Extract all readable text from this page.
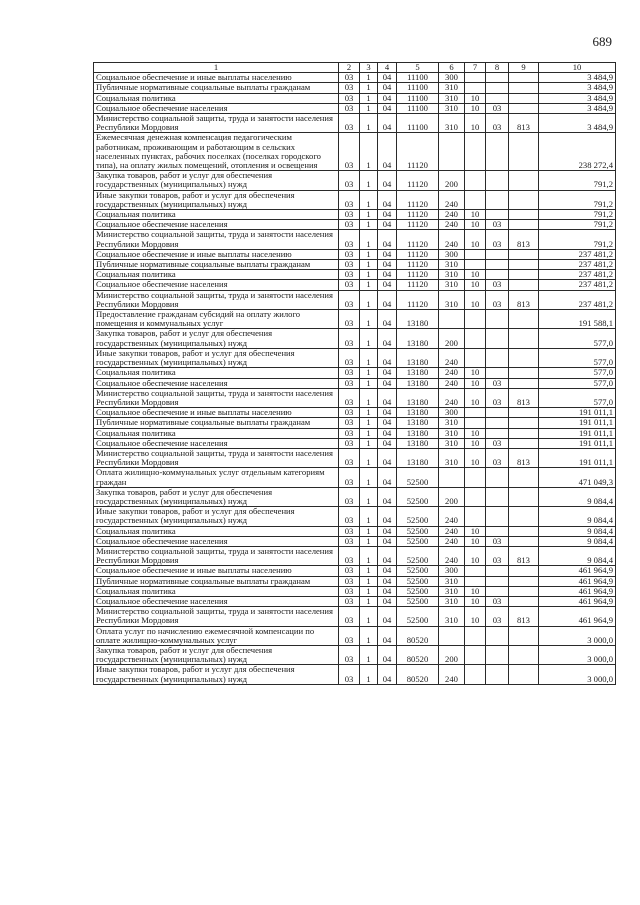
689
1	2	3	4	5	6	7	8	9	10
Социальное обеспечение и иные выплаты населению	03	1	04	11100	300				3 484,9
Публичные нормативные социальные выплаты гражданам	03	1	04	11100	310				3 484,9
Социальная политика	03	1	04	11100	310	10			3 484,9
Социальное обеспечение населения	03	1	04	11100	310	10	03		3 484,9
Министерство социальной защиты, труда и занятости населения Республики Мордовия	03	1	04	11100	310	10	03	813	3 484,9
Ежемесячная денежная компенсация педагогическим работникам, проживающим и работающим в сельских населенных пунктах, рабочих поселках (поселках городского типа), на оплату жилых помещений, отопления и освещения	03	1	04	11120					238 272,4
Закупка товаров, работ и услуг для обеспечения государственных (муниципальных) нужд	03	1	04	11120	200				791,2
Иные закупки товаров, работ и услуг для обеспечения государственных (муниципальных) нужд	03	1	04	11120	240				791,2
Социальная политика	03	1	04	11120	240	10			791,2
Социальное обеспечение населения	03	1	04	11120	240	10	03		791,2
Министерство социальной защиты, труда и занятости населения Республики Мордовия	03	1	04	11120	240	10	03	813	791,2
Социальное обеспечение и иные выплаты населению	03	1	04	11120	300				237 481,2
Публичные нормативные социальные выплаты гражданам	03	1	04	11120	310				237 481,2
Социальная политика	03	1	04	11120	310	10			237 481,2
Социальное обеспечение населения	03	1	04	11120	310	10	03		237 481,2
Министерство социальной защиты, труда и занятости населения Республики Мордовия	03	1	04	11120	310	10	03	813	237 481,2
Предоставление гражданам субсидий на оплату жилого помещения и коммунальных услуг	03	1	04	13180					191 588,1
Закупка товаров, работ и услуг для обеспечения государственных (муниципальных) нужд	03	1	04	13180	200				577,0
Иные закупки товаров, работ и услуг для обеспечения государственных (муниципальных) нужд	03	1	04	13180	240				577,0
Социальная политика	03	1	04	13180	240	10			577,0
Социальное обеспечение населения	03	1	04	13180	240	10	03		577,0
Министерство социальной защиты, труда и занятости населения Республики Мордовия	03	1	04	13180	240	10	03	813	577,0
Социальное обеспечение и иные выплаты населению	03	1	04	13180	300				191 011,1
Публичные нормативные социальные выплаты гражданам	03	1	04	13180	310				191 011,1
Социальная политика	03	1	04	13180	310	10			191 011,1
Социальное обеспечение населения	03	1	04	13180	310	10	03		191 011,1
Министерство социальной защиты, труда и занятости населения Республики Мордовия	03	1	04	13180	310	10	03	813	191 011,1
Оплата жилищно-коммунальных услуг отдельным категориям граждан	03	1	04	52500					471 049,3
Закупка товаров, работ и услуг для обеспечения государственных (муниципальных) нужд	03	1	04	52500	200				9 084,4
Иные закупки товаров, работ и услуг для обеспечения государственных (муниципальных) нужд	03	1	04	52500	240				9 084,4
Социальная политика	03	1	04	52500	240	10			9 084,4
Социальное обеспечение населения	03	1	04	52500	240	10	03		9 084,4
Министерство социальной защиты, труда и занятости населения Республики Мордовия	03	1	04	52500	240	10	03	813	9 084,4
Социальное обеспечение и иные выплаты населению	03	1	04	52500	300				461 964,9
Публичные нормативные социальные выплаты гражданам	03	1	04	52500	310				461 964,9
Социальная политика	03	1	04	52500	310	10			461 964,9
Социальное обеспечение населения	03	1	04	52500	310	10	03		461 964,9
Министерство социальной защиты, труда и занятости населения Республики Мордовия	03	1	04	52500	310	10	03	813	461 964,9
Оплата услуг по начислению ежемесячной компенсации по оплате жилищно-коммунальных услуг	03	1	04	80520					3 000,0
Закупка товаров, работ и услуг для обеспечения государственных (муниципальных) нужд	03	1	04	80520	200				3 000,0
Иные закупки товаров, работ и услуг для обеспечения государственных (муниципальных) нужд	03	1	04	80520	240				3 000,0
